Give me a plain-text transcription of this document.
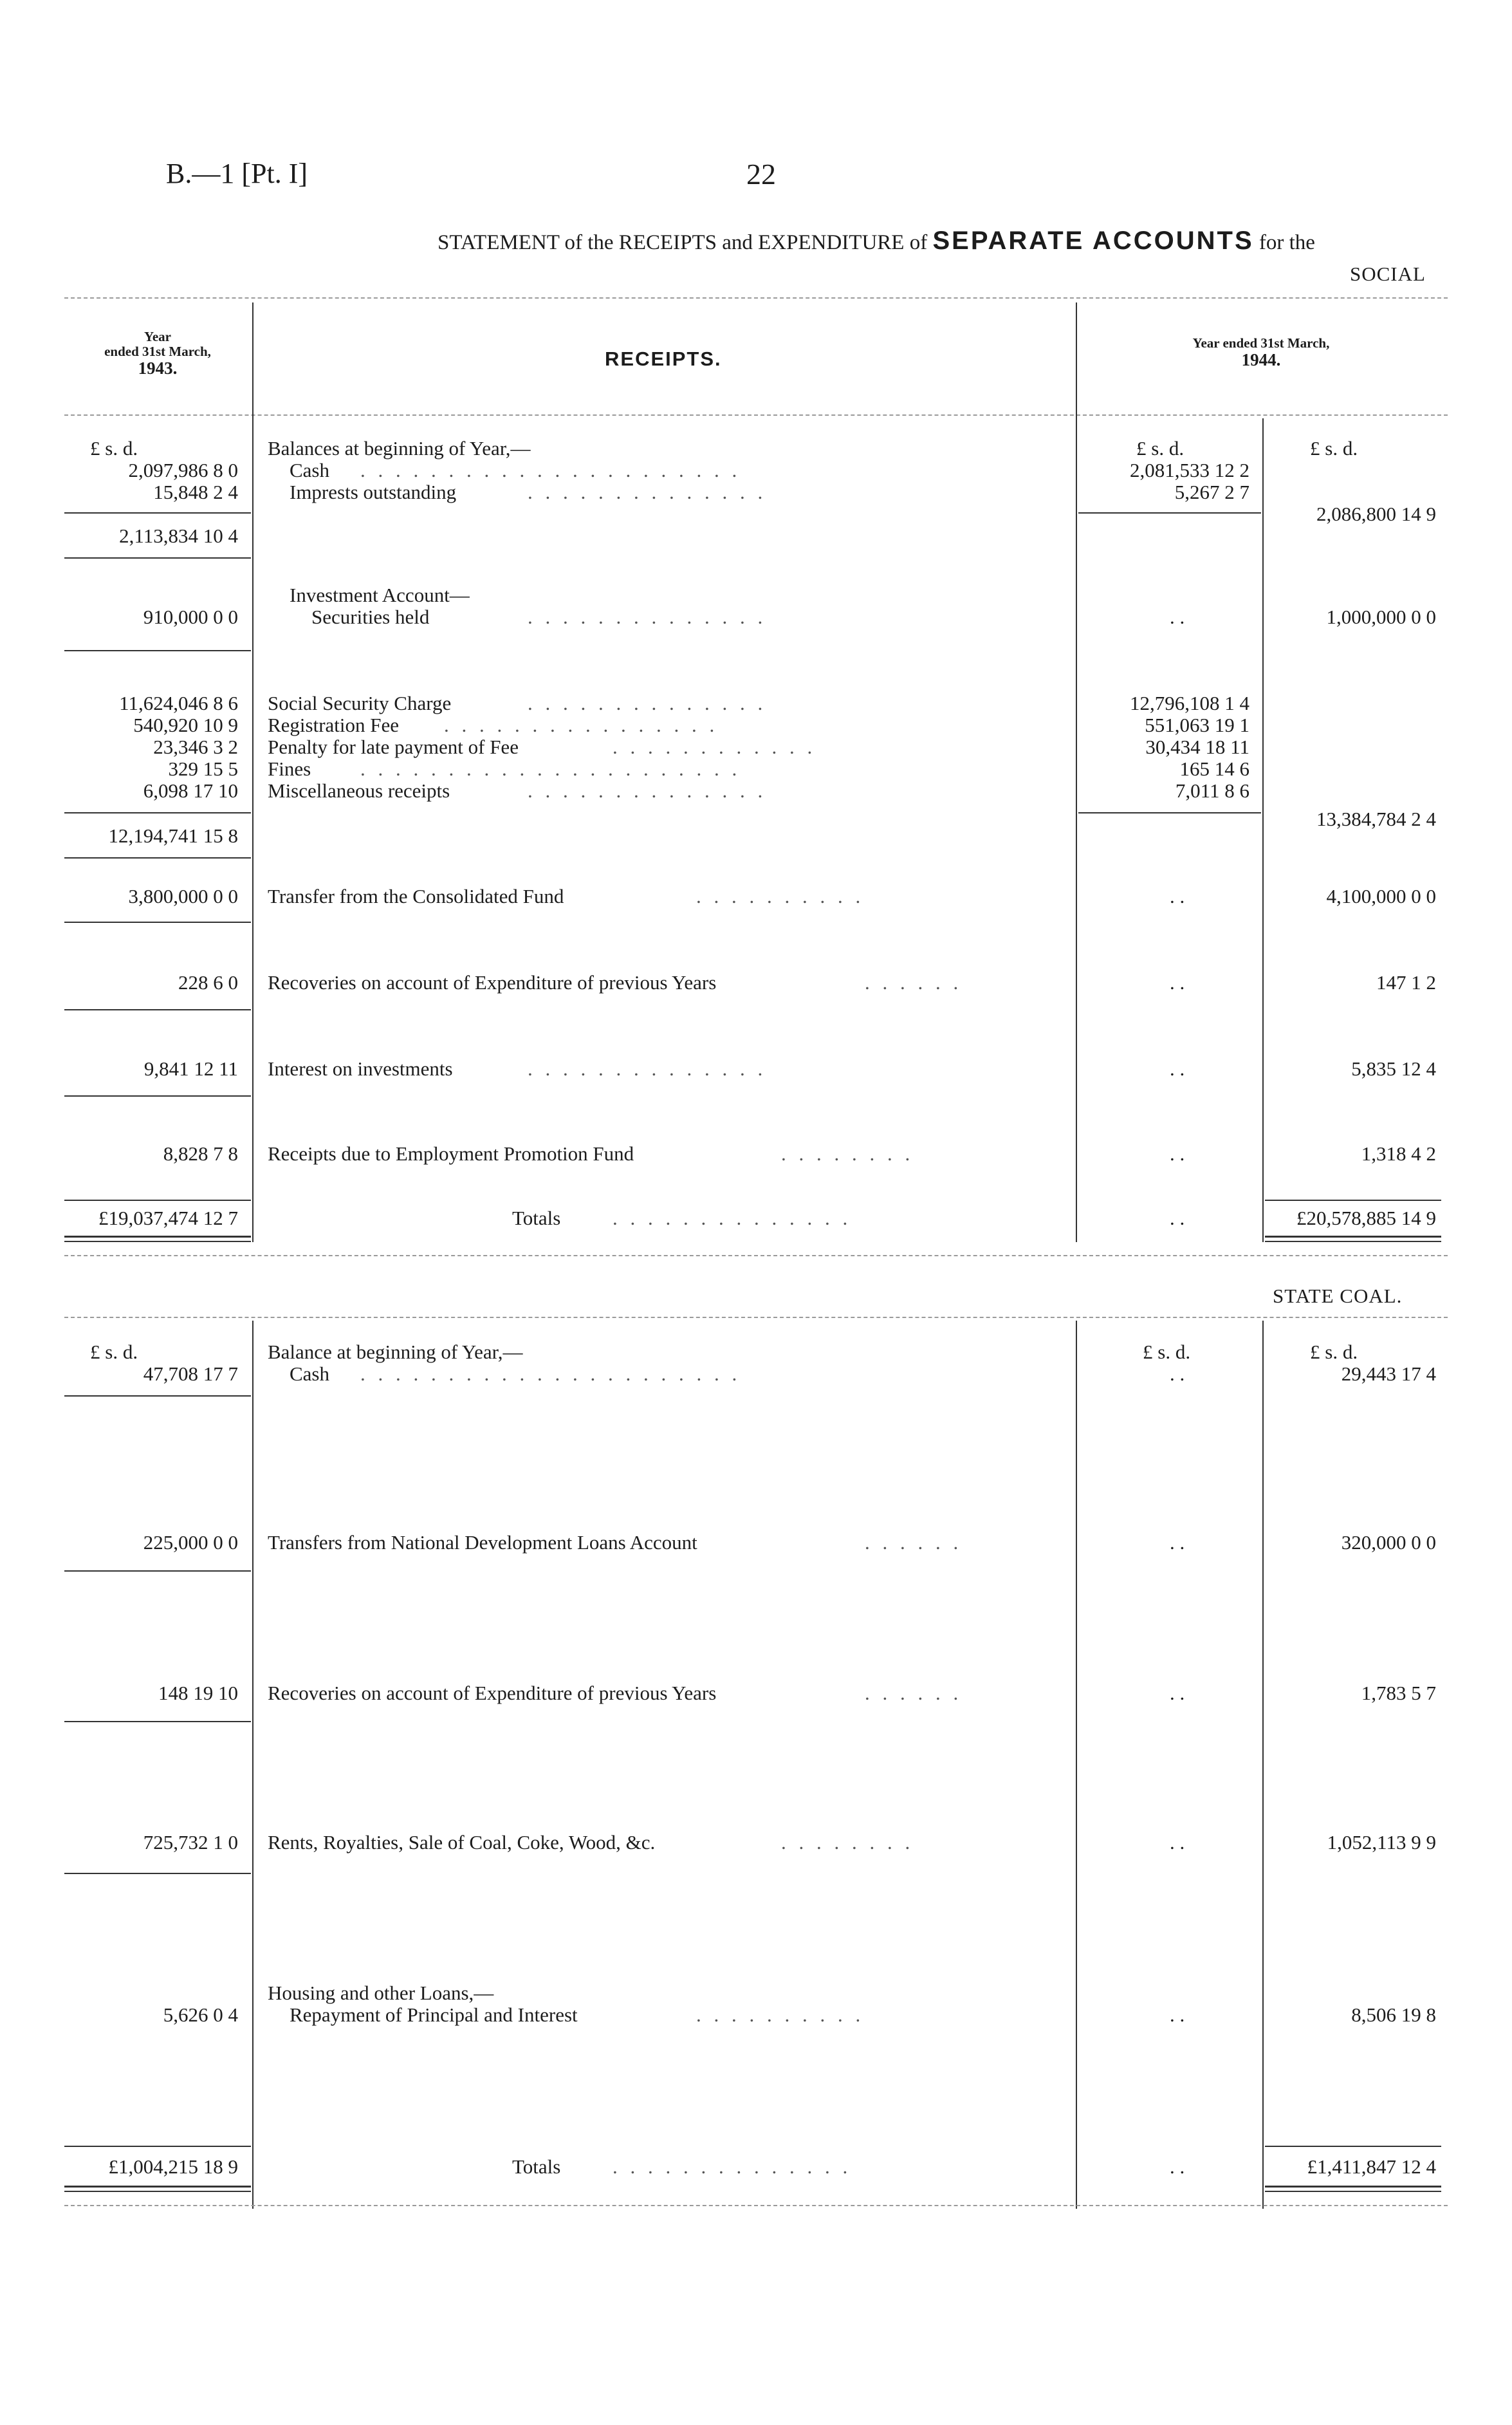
B.—1 [Pt. I]	22
STATEMENT of the RECEIPTS and EXPENDITURE of SEPARATE ACCOUNTS for the
SOCIAL
Year
ended 31st March,
1943.	RECEIPTS.
Year ended 31st March,
1944.
£ s. d.	£ s. d.	£ s. d.
Balances at beginning of Year,—
2,097,986 8 0	Cash . . . . . . . . . . . . . . . . . . . . . .	2,081,533 12 2
15,848 2 4	Imprests outstanding	. . . . . . . . . . . . . .	5,267 2 7
2,113,834 10 4
2,086,800 14 9
Investment Account—
910,000 0 0	Securities held	. . . . . . . . . . . . . .	. .	1,000,000 0 0
11,624,046 8 6 Social Security Charge	. . . . . . . . . . . . . .	12,796,108 1 4
540,920 10 9 Registration Fee . . . . . . . . . . . . . . . .	551,063 19 1
23,346 3 2 Penalty for late payment of Fee	. . . . . . . . . . . .	30,434 18 11
329 15 5 Fines . . . . . . . . . . . . . . . . . . . . . .	165 14 6
6,098 17 10 Miscellaneous receipts	. . . . . . . . . . . . . .	7,011 8 6
12,194,741 15 8
13,384,784 2 4
3,800,000 0 0 Transfer from the Consolidated Fund	. . . . . . . . . .	. .	4,100,000 0 0
228 6 0 Recoveries on account of Expenditure of previous Years	. . . . . .	. .	147 1 2
9,841 12 11 Interest on investments	. . . . . . . . . . . . . .	. .	5,835 12 4
8,828 7 8 Receipts due to Employment Promotion Fund	. . . . . . . .	. .	1,318 4 2
£19,037,474 12 7	Totals	. . . . . . . . . . . . . .	. .	£20,578,885 14 9
STATE COAL.
£ s. d.	£ s. d.	£ s. d.
Balance at beginning of Year,—
47,708 17 7	Cash . . . . . . . . . . . . . . . . . . . . . .	. .	29,443 17 4
225,000 0 0 Transfers from National Development Loans Account	. . . . . .	. .	320,000 0 0
148 19 10 Recoveries on account of Expenditure of previous Years	. . . . . .	. .	1,783 5 7
725,732 1 0 Rents, Royalties, Sale of Coal, Coke, Wood, &c.	. . . . . . . .	. .	1,052,113 9 9
Housing and other Loans,—
5,626 0 4	Repayment of Principal and Interest	. . . . . . . . . .	. .	8,506 19 8
£1,004,215 18 9	Totals	. . . . . . . . . . . . . .	. .	£1,411,847 12 4
